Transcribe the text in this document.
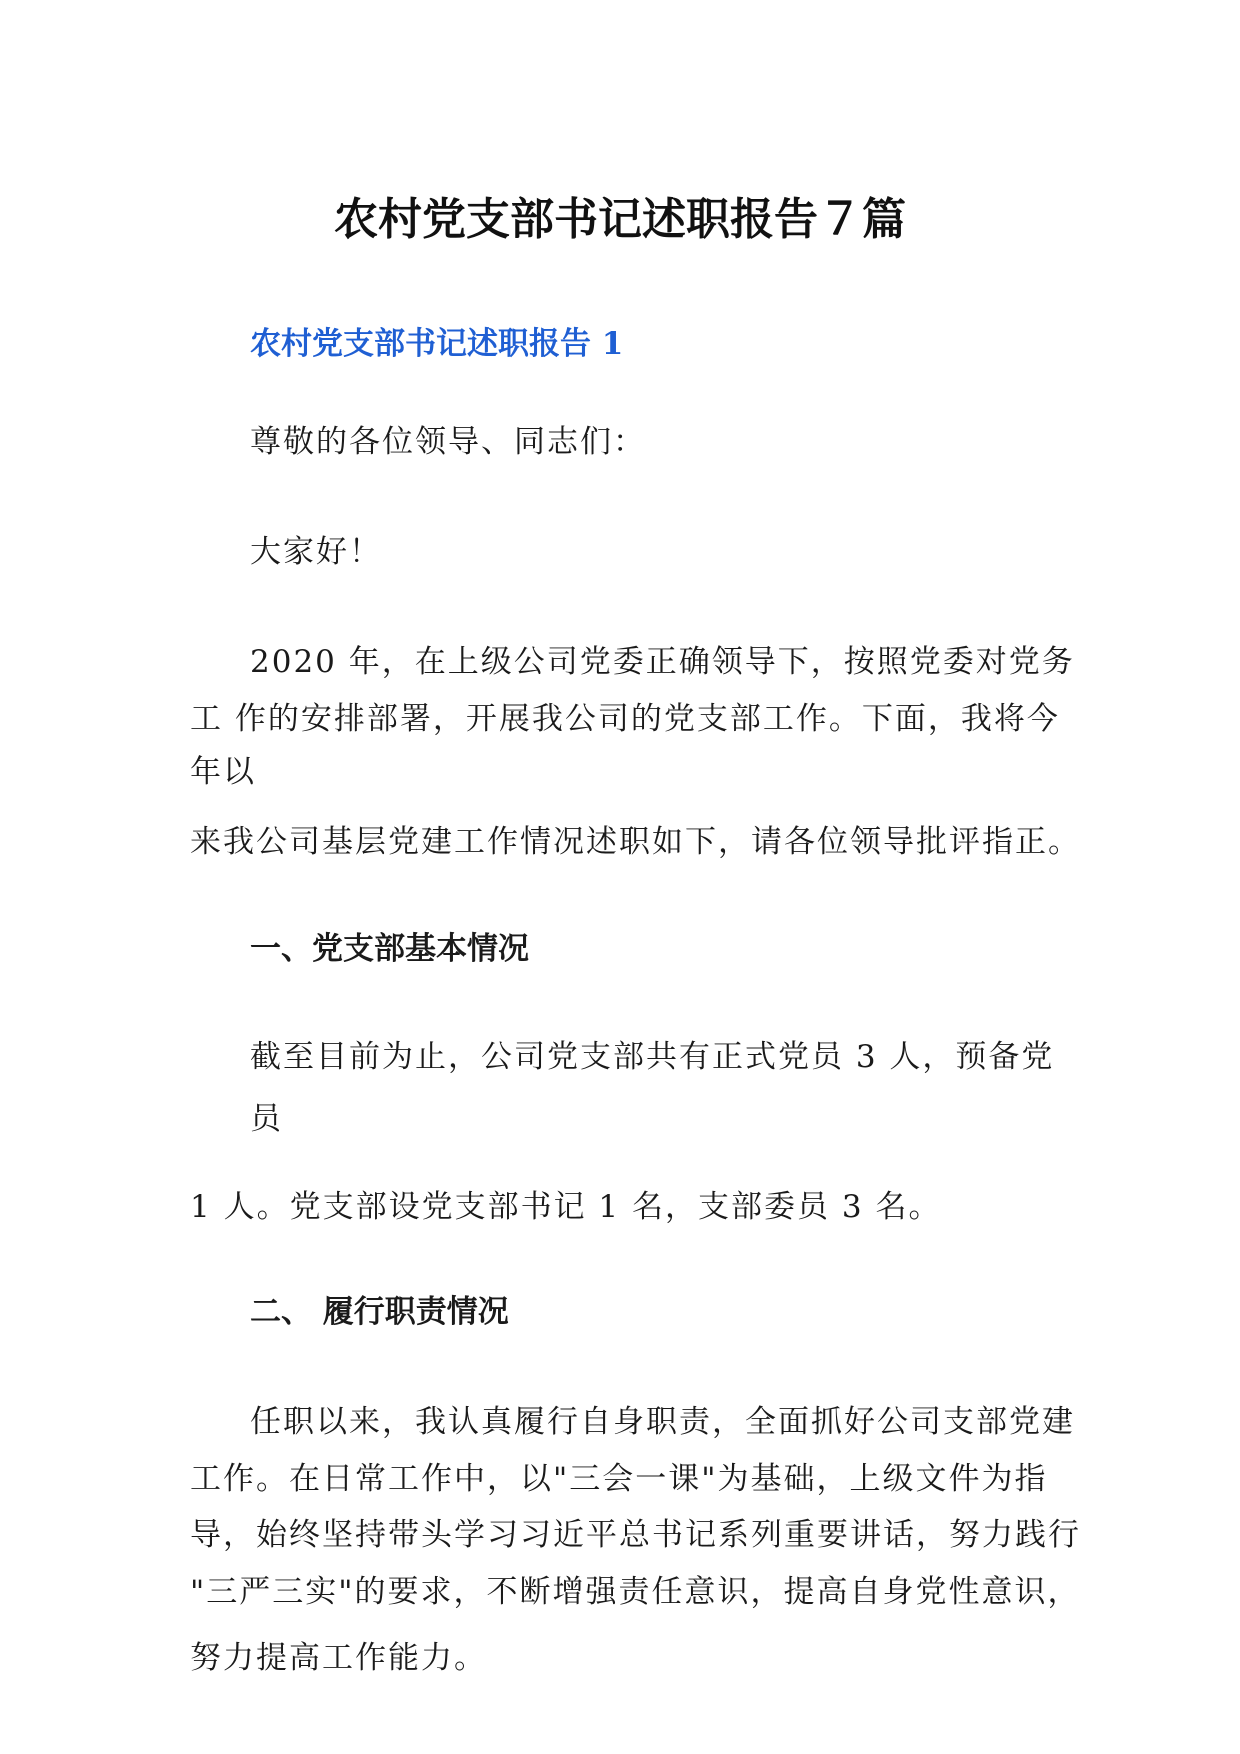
农村党支部书记述职报告７篇

农村党支部书记述职报告 1

尊敬的各位领导、同志们：

大家好！

2020 年，在上级公司党委正确领导下，按照党委对党务

工 作的安排部署，开展我公司的党支部工作。下面，我将今

年以

来我公司基层党建工作情况述职如下，请各位领导批评指正。

一、党支部基本情况

截至目前为止，公司党支部共有正式党员 3 人，预备党

员

1 人。党支部设党支部书记 1 名，支部委员 3 名。

二、 履行职责情况

任职以来，我认真履行自身职责，全面抓好公司支部党建

工作。在日常工作中，以"三会一课"为基础，上级文件为指

导，始终坚持带头学习习近平总书记系列重要讲话，努力践行

"三严三实"的要求，不断增强责任意识，提高自身党性意识，

努力提高工作能力。
